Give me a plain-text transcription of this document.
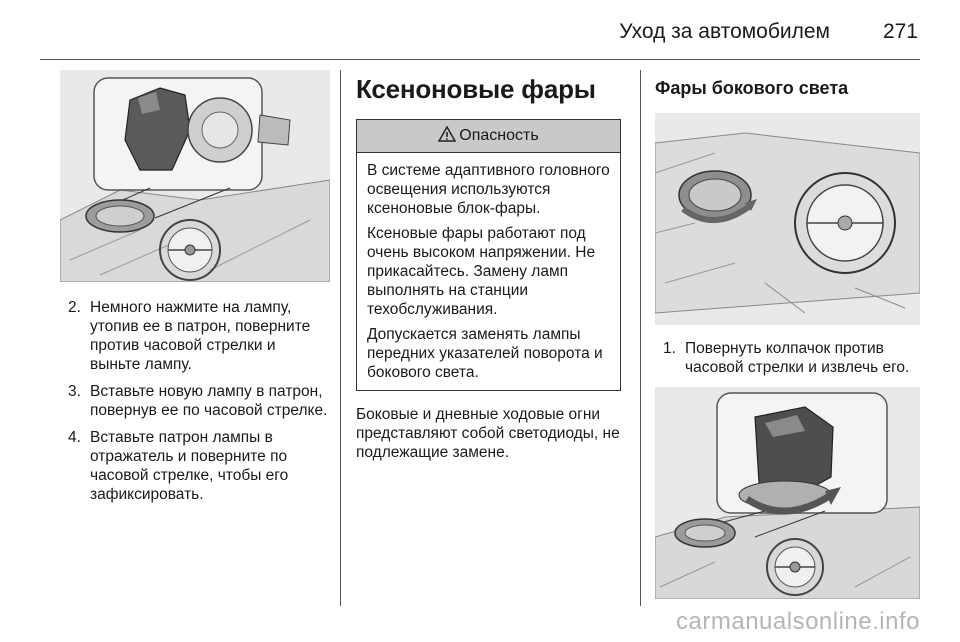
Уход за автомобилем	271
2. Немного нажмите на лампу, утопив ее в патрон, поверните против часовой стрелки и выньте лампу.
3. Вставьте новую лампу в патрон, повернув ее по часовой стрелке.
4. Вставьте патрон лампы в отражатель и поверните по часовой стрелке, чтобы его зафиксировать.
Ксеноновые фары
Опасность

В системе адаптивного головного освещения используются ксеноновые блок-фары.

Ксеновые фары работают под очень высоком напряжении. Не прикасайтесь. Замену ламп выполнять на станции техобслуживания.

Допускается заменять лампы передних указателей поворота и бокового света.

Боковые и дневные ходовые огни представляют собой светодиоды, не подлежащие замене.

Фары бокового света
1. Повернуть колпачок против часовой стрелки и извлечь его.
carmanualsonline.info
